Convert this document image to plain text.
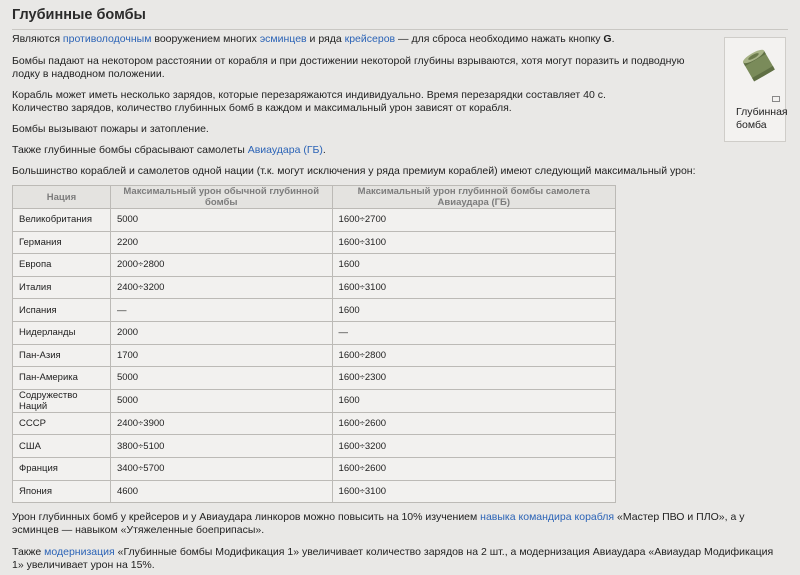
Глубинные бомбы

Являются противолодочным вооружением многих эсминцев и ряда крейсеров — для сброса необходимо нажать кнопку G.

Бомбы падают на некотором расстоянии от корабля и при достижении некоторой глубины взрываются, хотя могут поразить и подводную лодку в надводном положении.

Корабль может иметь несколько зарядов, которые перезаряжаются индивидуально. Время перезарядки составляет 40 с.

Количество зарядов, количество глубинных бомб в каждом и максимальный урон зависят от корабля.

Бомбы вызывают пожары и затопление.

Также глубинные бомбы сбрасывают самолеты Авиаудара (ГБ).

Большинство кораблей и самолетов одной нации (т.к. могут исключения у ряда премиум кораблей) имеют следующий максимальный урон:

Глубинная
бомба
Нация	Максимальный урон обычной глубинной бомбы	Максимальный урон глубинной бомбы самолета Авиаудара (ГБ)
Великобритания	5000	1600÷2700
Германия	2200	1600÷3100
Европа	2000÷2800	1600
Италия	2400÷3200	1600÷3100
Испания	—	1600
Нидерланды	2000	—
Пан-Азия	1700	1600÷2800
Пан-Америка	5000	1600÷2300
Содружество Наций	5000	1600
СССР	2400÷3900	1600÷2600
США	3800÷5100	1600÷3200
Франция	3400÷5700	1600÷2600
Япония	4600	1600÷3100

Урон глубинных бомб у крейсеров и у Авиаудара линкоров можно повысить на 10% изучением навыка командира корабля «Мастер ПВО и ПЛО», а у эсминцев — навыком «Утяжеленные боеприпасы».

Также модернизация «Глубинные бомбы Модификация 1» увеличивает количество зарядов на 2 шт., а модернизация Авиаудара «Авиаудар Модификация 1» увеличивает урон на 15%.
